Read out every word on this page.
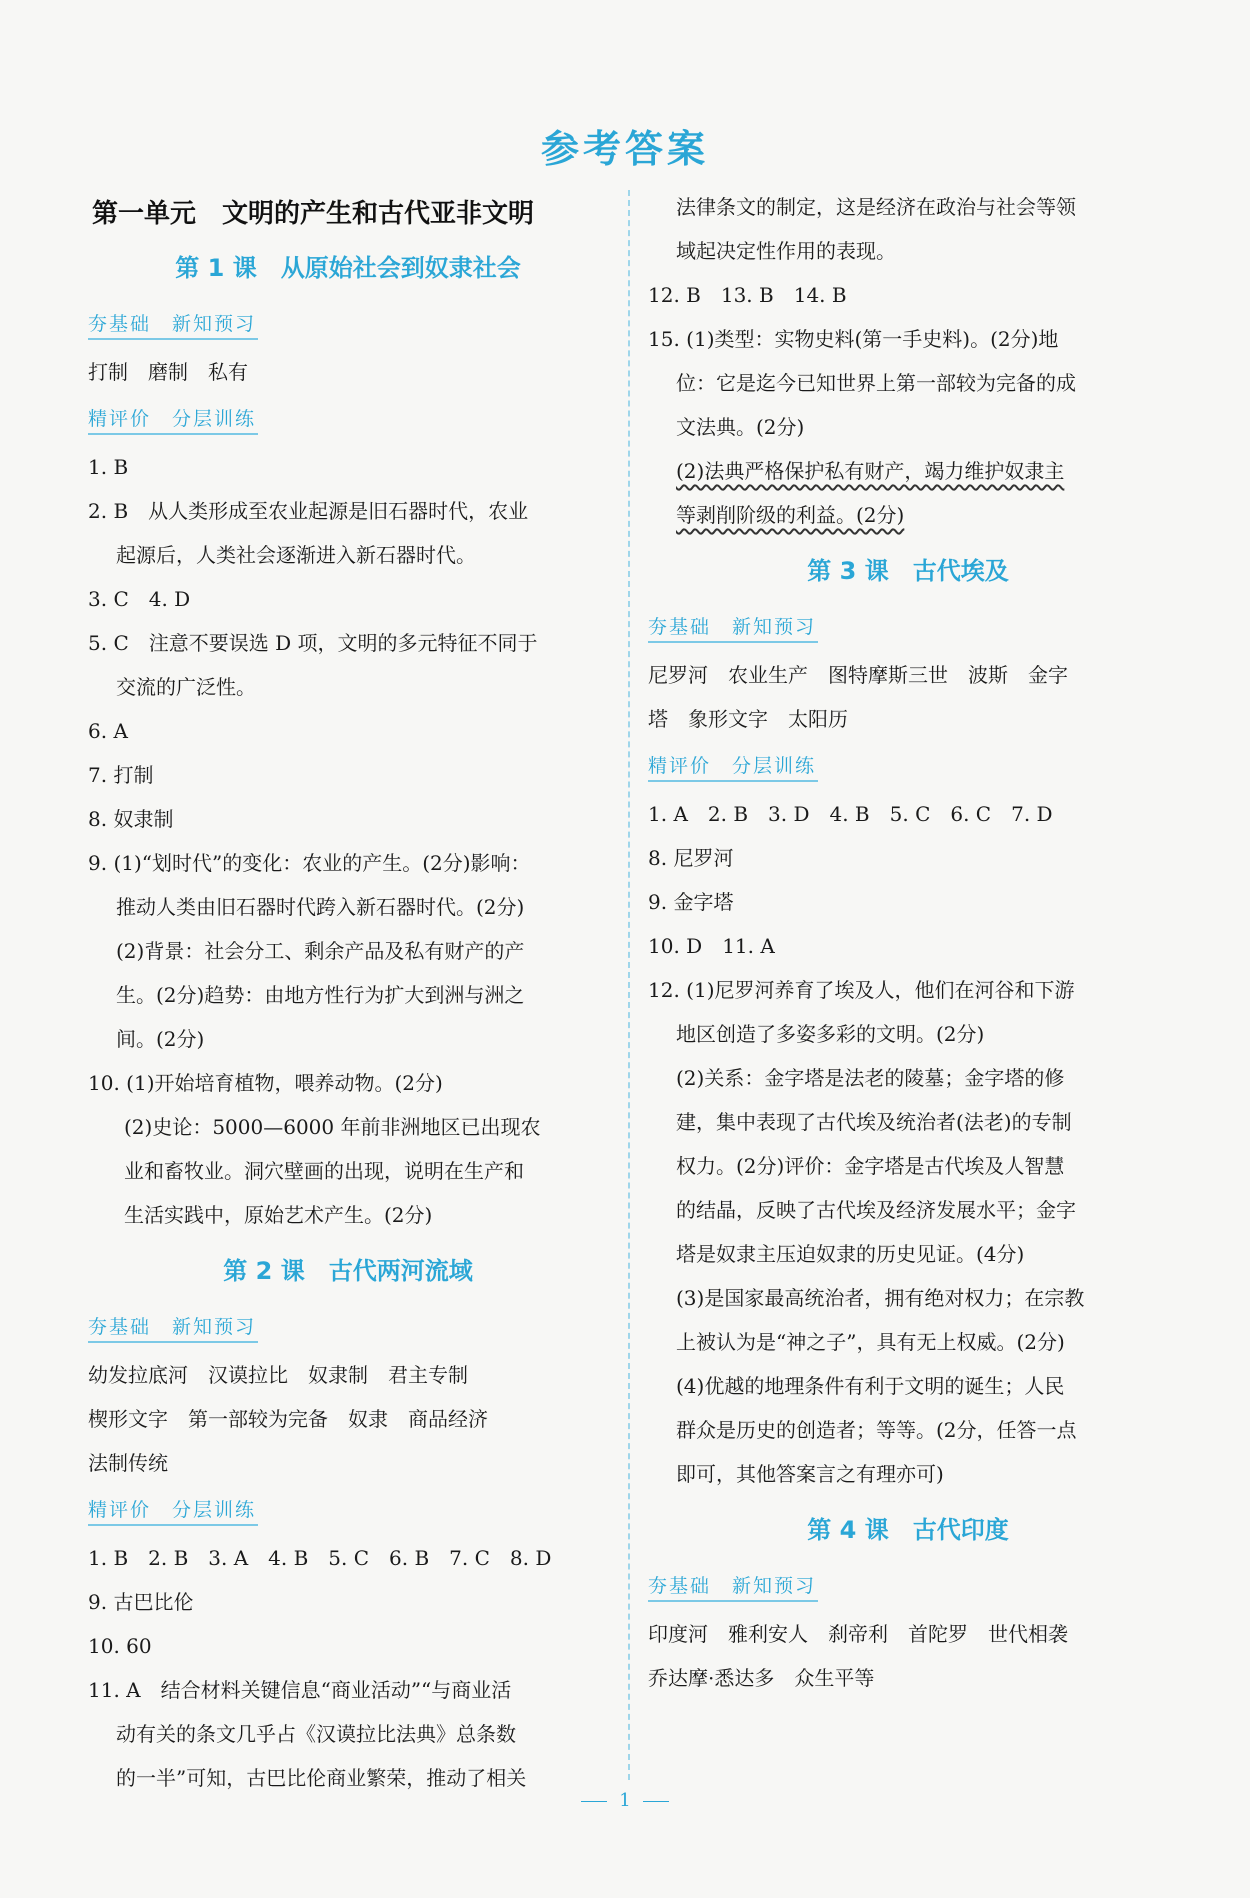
参考答案
第一单元　文明的产生和古代亚非文明
第 1 课　从原始社会到奴隶社会
夯基础　新知预习
打制　磨制　私有
精评价　分层训练
1. B
2. B　从人类形成至农业起源是旧石器时代，农业
起源后，人类社会逐渐进入新石器时代。
3. C　4. D
5. C　注意不要误选 D 项，文明的多元特征不同于
交流的广泛性。
6. A
7. 打制
8. 奴隶制
9. (1)“划时代”的变化：农业的产生。(2分)影响：
推动人类由旧石器时代跨入新石器时代。(2分)
(2)背景：社会分工、剩余产品及私有财产的产
生。(2分)趋势：由地方性行为扩大到洲与洲之
间。(2分)
10. (1)开始培育植物，喂养动物。(2分)
(2)史论：5000—6000 年前非洲地区已出现农
业和畜牧业。洞穴壁画的出现，说明在生产和
生活实践中，原始艺术产生。(2分)
第 2 课　古代两河流域
夯基础　新知预习
幼发拉底河　汉谟拉比　奴隶制　君主专制
楔形文字　第一部较为完备　奴隶　商品经济
法制传统
精评价　分层训练
1. B　2. B　3. A　4. B　5. C　6. B　7. C　8. D
9. 古巴比伦
10. 60
11. A　结合材料关键信息“商业活动”“与商业活
动有关的条文几乎占《汉谟拉比法典》总条数
的一半”可知，古巴比伦商业繁荣，推动了相关
法律条文的制定，这是经济在政治与社会等领
域起决定性作用的表现。
12. B　13. B　14. B
15. (1)类型：实物史料(第一手史料)。(2分)地
位：它是迄今已知世界上第一部较为完备的成
文法典。(2分)
(2)法典严格保护私有财产，竭力维护奴隶主
等剥削阶级的利益。(2分)
第 3 课　古代埃及
夯基础　新知预习
尼罗河　农业生产　图特摩斯三世　波斯　金字
塔　象形文字　太阳历
精评价　分层训练
1. A　2. B　3. D　4. B　5. C　6. C　7. D
8. 尼罗河
9. 金字塔
10. D　11. A
12. (1)尼罗河养育了埃及人，他们在河谷和下游
地区创造了多姿多彩的文明。(2分)
(2)关系：金字塔是法老的陵墓；金字塔的修
建，集中表现了古代埃及统治者(法老)的专制
权力。(2分)评价：金字塔是古代埃及人智慧
的结晶，反映了古代埃及经济发展水平；金字
塔是奴隶主压迫奴隶的历史见证。(4分)
(3)是国家最高统治者，拥有绝对权力；在宗教
上被认为是“神之子”，具有无上权威。(2分)
(4)优越的地理条件有利于文明的诞生；人民
群众是历史的创造者；等等。(2分，任答一点
即可，其他答案言之有理亦可)
第 4 课　古代印度
夯基础　新知预习
印度河　雅利安人　刹帝利　首陀罗　世代相袭
乔达摩·悉达多　众生平等
1
